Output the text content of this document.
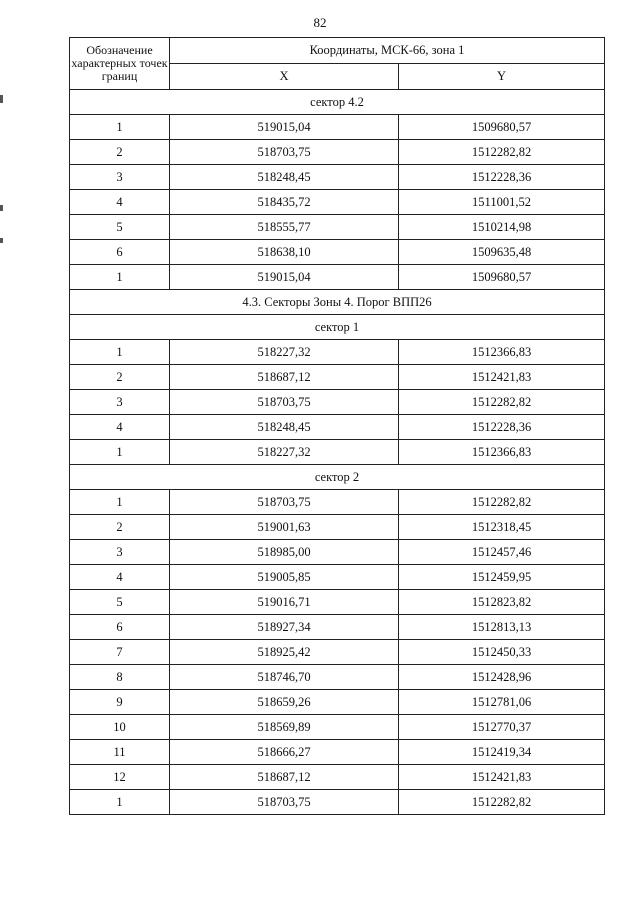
82
Обозначение характерных точек границ	Координаты, МСК-66, зона 1	
	X	Y
сектор 4.2		
1	519015,04	1509680,57
2	518703,75	1512282,82
3	518248,45	1512228,36
4	518435,72	1511001,52
5	518555,77	1510214,98
6	518638,10	1509635,48
1	519015,04	1509680,57
4.3. Секторы Зоны 4. Порог ВПП26		
сектор 1		
1	518227,32	1512366,83
2	518687,12	1512421,83
3	518703,75	1512282,82
4	518248,45	1512228,36
1	518227,32	1512366,83
сектор 2		
1	518703,75	1512282,82
2	519001,63	1512318,45
3	518985,00	1512457,46
4	519005,85	1512459,95
5	519016,71	1512823,82
6	518927,34	1512813,13
7	518925,42	1512450,33
8	518746,70	1512428,96
9	518659,26	1512781,06
10	518569,89	1512770,37
11	518666,27	1512419,34
12	518687,12	1512421,83
1	518703,75	1512282,82
